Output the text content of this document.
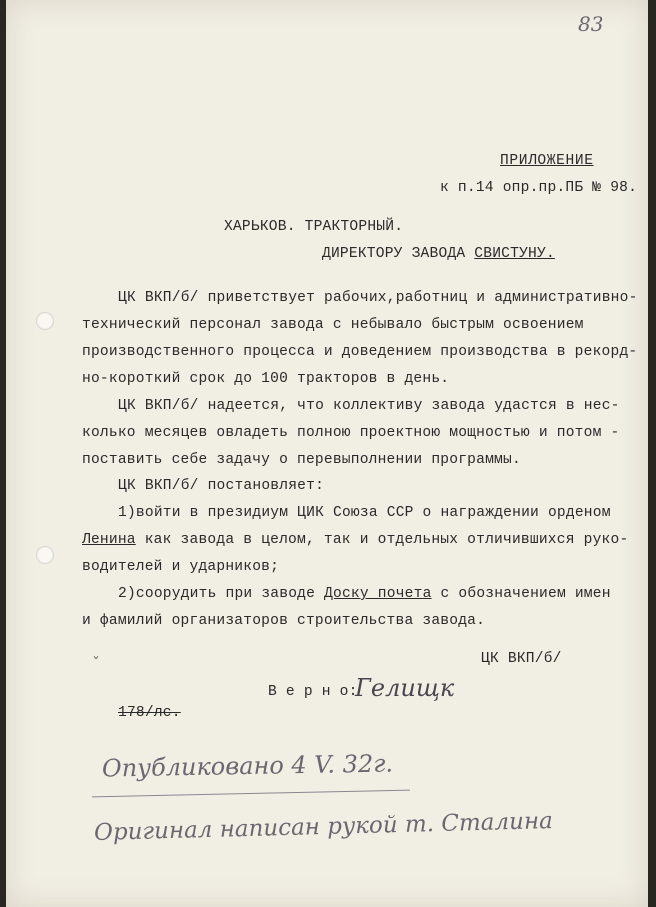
83
ПРИЛОЖЕНИЕ
к п.14 опр.пр.ПБ № 98.
ХАРЬКОВ. ТРАКТОРНЫЙ.
ДИРЕКТОРУ ЗАВОДА СВИСТУНУ.
ЦК ВКП/б/ приветствует рабочих,работниц и административно-
технический персонал завода с небывало быстрым освоением
производственного процесса и доведением производства в рекорд-
но-короткий срок до 100 тракторов в день.
ЦК ВКП/б/ надеется, что коллективу завода удастся в нес-
колько месяцев овладеть полною проектною мощностью и потом -
поставить себе задачу о перевыполнении программы.
ЦК ВКП/б/ постановляет:
1)войти в президиум ЦИК Союза ССР о награждении орденом
Ленина как завода в целом, так и отдельных отличившихся руко-
водителей и ударников;
2)соорудить при заводе Доску почета с обозначением имен
и фамилий организаторов строительства завода.
ЦК ВКП/б/
ˇ
В е р н о:
Гелищк
178/лс.
Опубликовано 4 V. 32г.
Оригинал написан рукой т. Сталина
